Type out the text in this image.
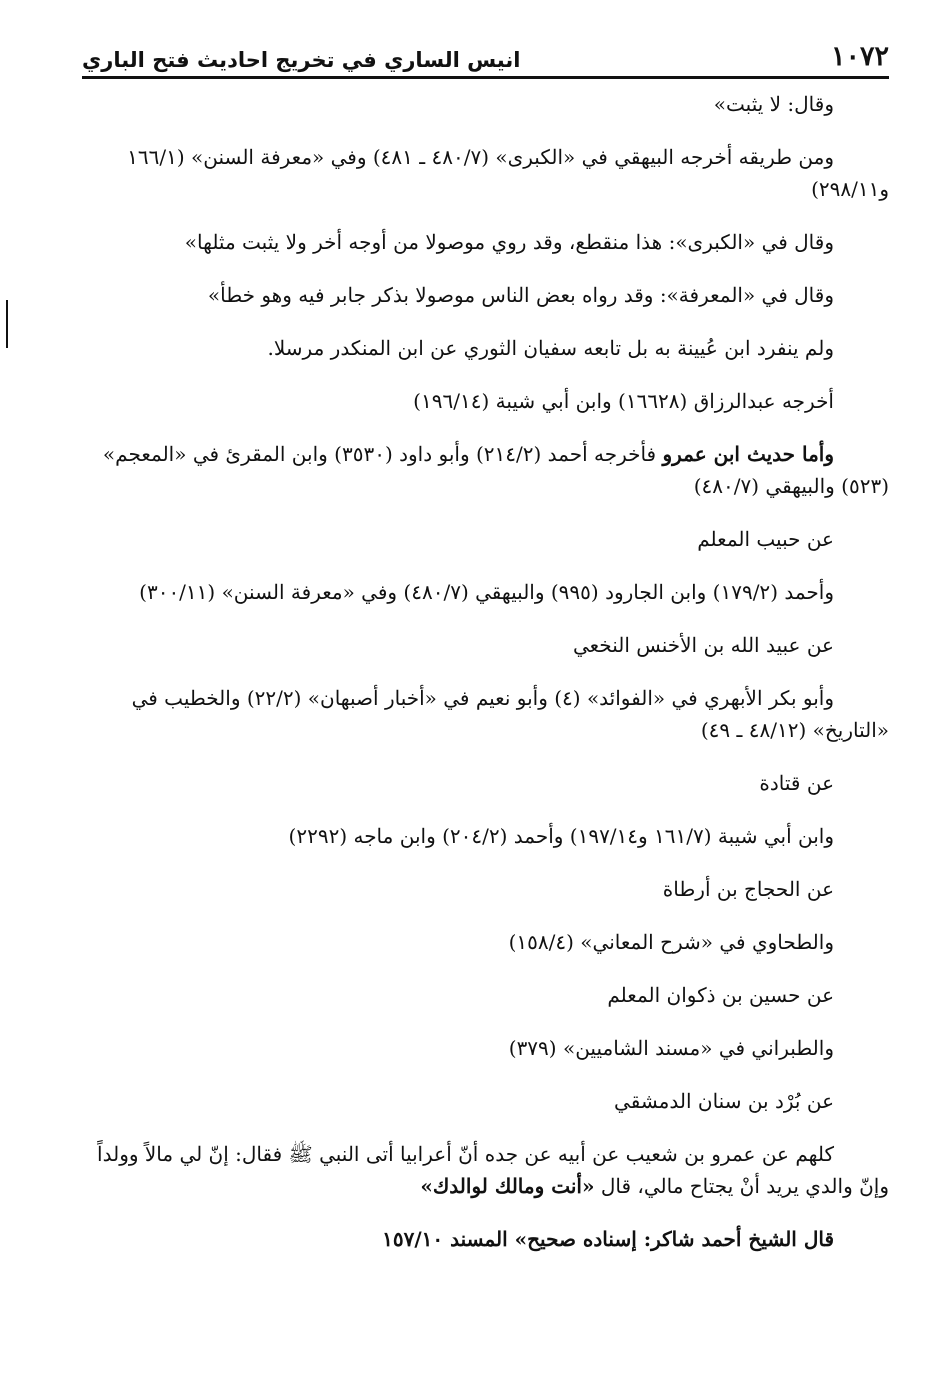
١٠٧٢
انيس الساري في تخريج احاديث فتح الباري

وقال: لا يثبت»

ومن طريقه أخرجه البيهقي في «الكبرى» (٤٨٠/٧ ـ ٤٨١) وفي «معرفة السنن» (١٦٦/١ و٢٩٨/١١)

وقال في «الكبرى»: هذا منقطع، وقد روي موصولا من أوجه أخر ولا يثبت مثلها»

وقال في «المعرفة»: وقد رواه بعض الناس موصولا بذكر جابر فيه وهو خطأ»

ولم ينفرد ابن عُيينة به بل تابعه سفيان الثوري عن ابن المنكدر مرسلا.

أخرجه عبدالرزاق (١٦٦٢٨) وابن أبي شيبة (١٩٦/١٤)

وأما حديث ابن عمرو فأخرجه أحمد (٢١٤/٢) وأبو داود (٣٥٣٠) وابن المقرئ في «المعجم» (٥٢٣) والبيهقي (٤٨٠/٧)

عن حبيب المعلم

وأحمد (١٧٩/٢) وابن الجارود (٩٩٥) والبيهقي (٤٨٠/٧) وفي «معرفة السنن» (٣٠٠/١١)

عن عبيد الله بن الأخنس النخعي

وأبو بكر الأبهري في «الفوائد» (٤) وأبو نعيم في «أخبار أصبهان» (٢٢/٢) والخطيب في «التاريخ» (٤٨/١٢ ـ ٤٩)

عن قتادة

وابن أبي شيبة (١٦١/٧ و١٩٧/١٤) وأحمد (٢٠٤/٢) وابن ماجه (٢٢٩٢)

عن الحجاج بن أرطاة

والطحاوي في «شرح المعاني» (١٥٨/٤)

عن حسين بن ذكوان المعلم

والطبراني في «مسند الشاميين» (٣٧٩)

عن بُرْد بن سنان الدمشقي

كلهم عن عمرو بن شعيب عن أبيه عن جده أنّ أعرابيا أتى النبي ﷺ فقال: إنّ لي مالاً وولداً وإنّ والدي يريد أنْ يجتاح مالي، قال «أنت ومالك لوالدك»

قال الشيخ أحمد شاكر: إسناده صحيح» المسند ١٥٧/١٠
